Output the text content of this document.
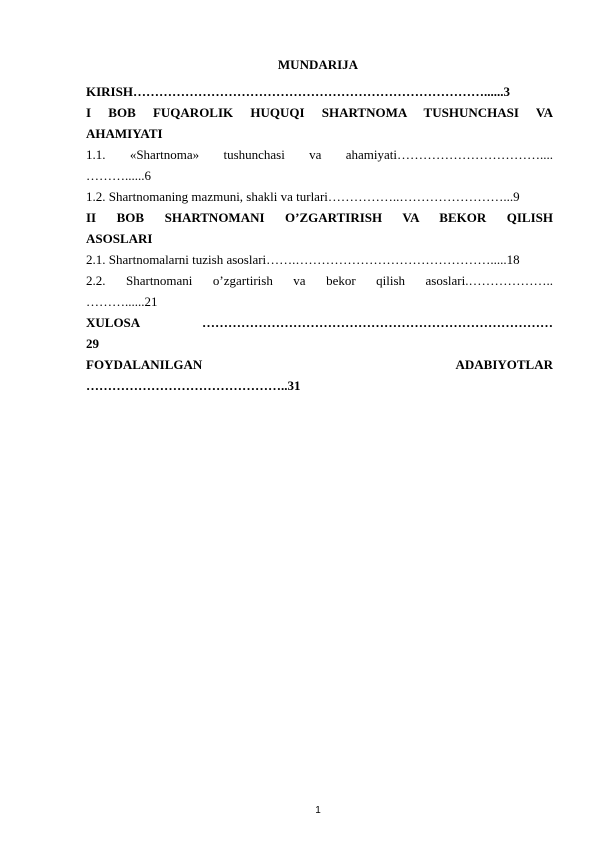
MUNDARIJA
KIRISH………………………………………………………………………......3
I BOB FUQAROLIK HUQUQI SHARTNOMA TUSHUNCHASI VA
AHAMIYATI
1.1. «Shartnoma» tushunchasi va ahamiyati……………………………....
………......6
1.2. Shartnomaning mazmuni, shakli va turlari……………..……………………...9
II BOB SHARTNOMANI O’ZGARTIRISH VA BEKOR QILISH
ASOSLARI
2.1. Shartnomalarni tuzish asoslari…….……………………………………….....18
2.2. Shartnomani o’zgartirish va bekor qilish asoslari.………………..
………......21
XULOSA ………………………………………………………………………
29
FOYDALANILGAN ADABIYOTLAR
………………………………………..31
1
